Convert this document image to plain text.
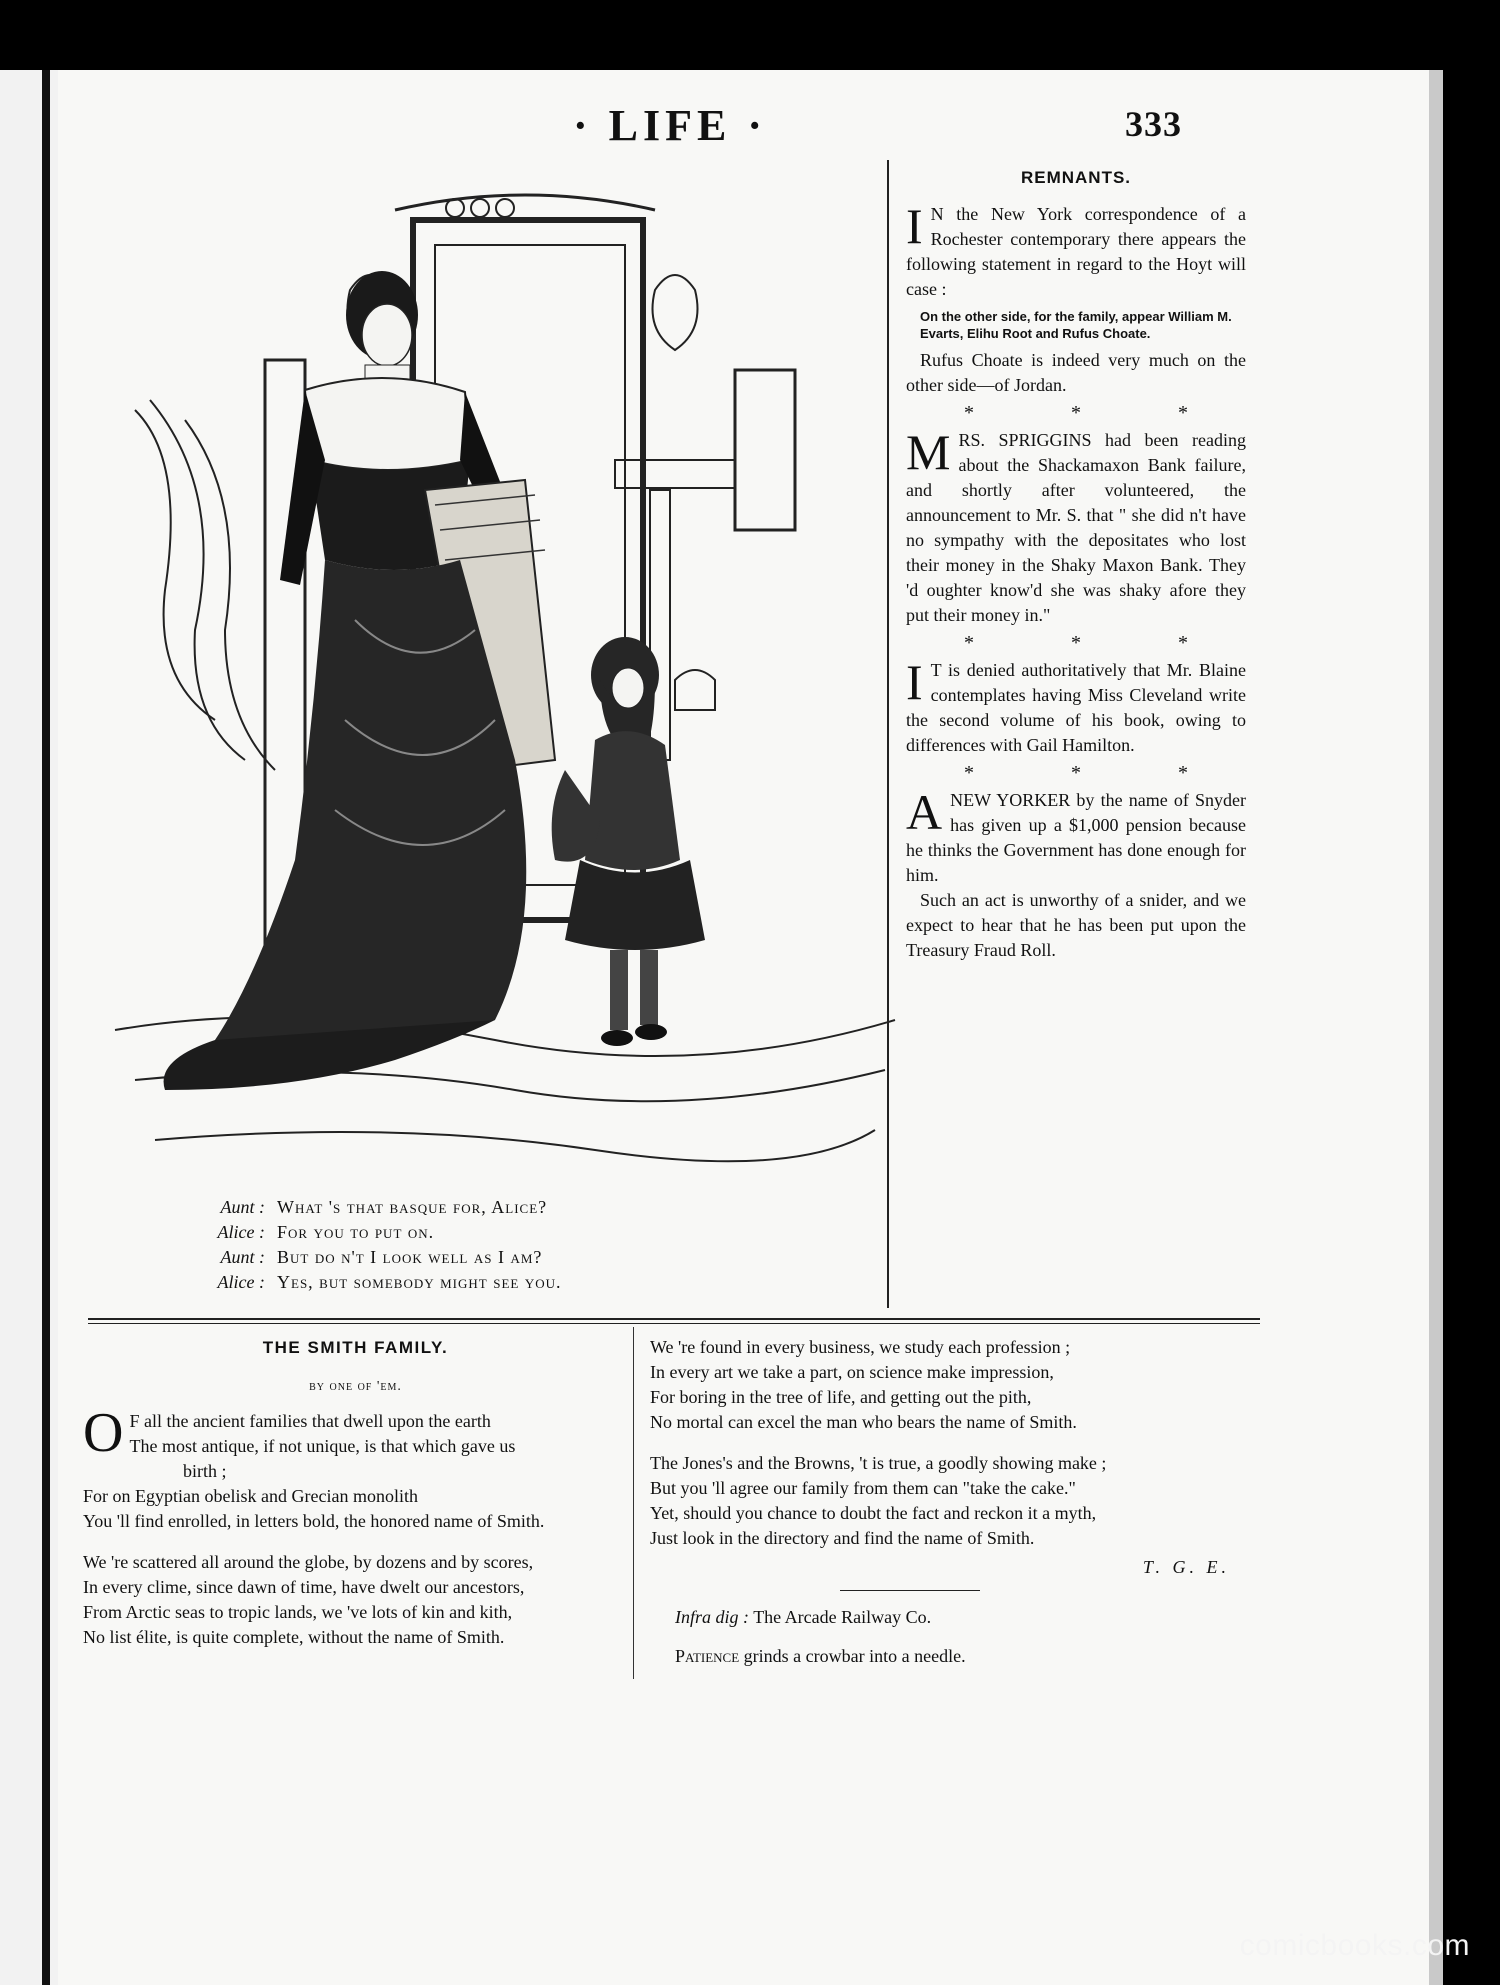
· LIFE ·	333
Aunt : What 's that basque for, Alice?
Alice : For you to put on.
Aunt : But do n't I look well as I am?
Alice : Yes, but somebody might see you.
REMNANTS.

I N the New York correspondence of a Rochester contemporary there appears the following statement in regard to the Hoyt will case :

On the other side, for the family, appear William M. Evarts, Elihu Root and Rufus Choate.

Rufus Choate is indeed very much on the other side—of Jordan.

* * *

MRS. SPRIGGINS had been reading about the Shackamaxon Bank failure, and shortly after volunteered, the announcement to Mr. S. that " she did n't have no sympathy with the depositates who lost their money in the Shaky Maxon Bank. They 'd oughter know'd she was shaky afore they put their money in."

* * *

I T is denied authoritatively that Mr. Blaine contemplates having Miss Cleveland write the second volume of his book, owing to differences with Gail Hamilton.

* * *

ANEW YORKER by the name of Snyder has given up a $1,000 pension because he thinks the Government has done enough for him.

Such an act is unworthy of a snider, and we expect to hear that he has been put upon the Treasury Fraud Roll.

THE SMITH FAMILY.
by one of 'em.
O F all the ancient families that dwell upon the earth

The most antique, if not unique, is that which gave us

birth ;

For on Egyptian obelisk and Grecian monolith

You 'll find enrolled, in letters bold, the honored name of Smith.

We 're scattered all around the globe, by dozens and by scores,

In every clime, since dawn of time, have dwelt our ancestors,

From Arctic seas to tropic lands, we 've lots of kin and kith,

No list élite, is quite complete, without the name of Smith.

We 're found in every business, we study each profession ;

In every art we take a part, on science make impression,

For boring in the tree of life, and getting out the pith,

No mortal can excel the man who bears the name of Smith.

The Jones's and the Browns, 't is true, a goodly showing make ;

But you 'll agree our family from them can "take the cake."

Yet, should you chance to doubt the fact and reckon it a myth,

Just look in the directory and find the name of Smith.

T. G. E.

Infra dig : The Arcade Railway Co.

Patience grinds a crowbar into a needle.

comicbooks.com
